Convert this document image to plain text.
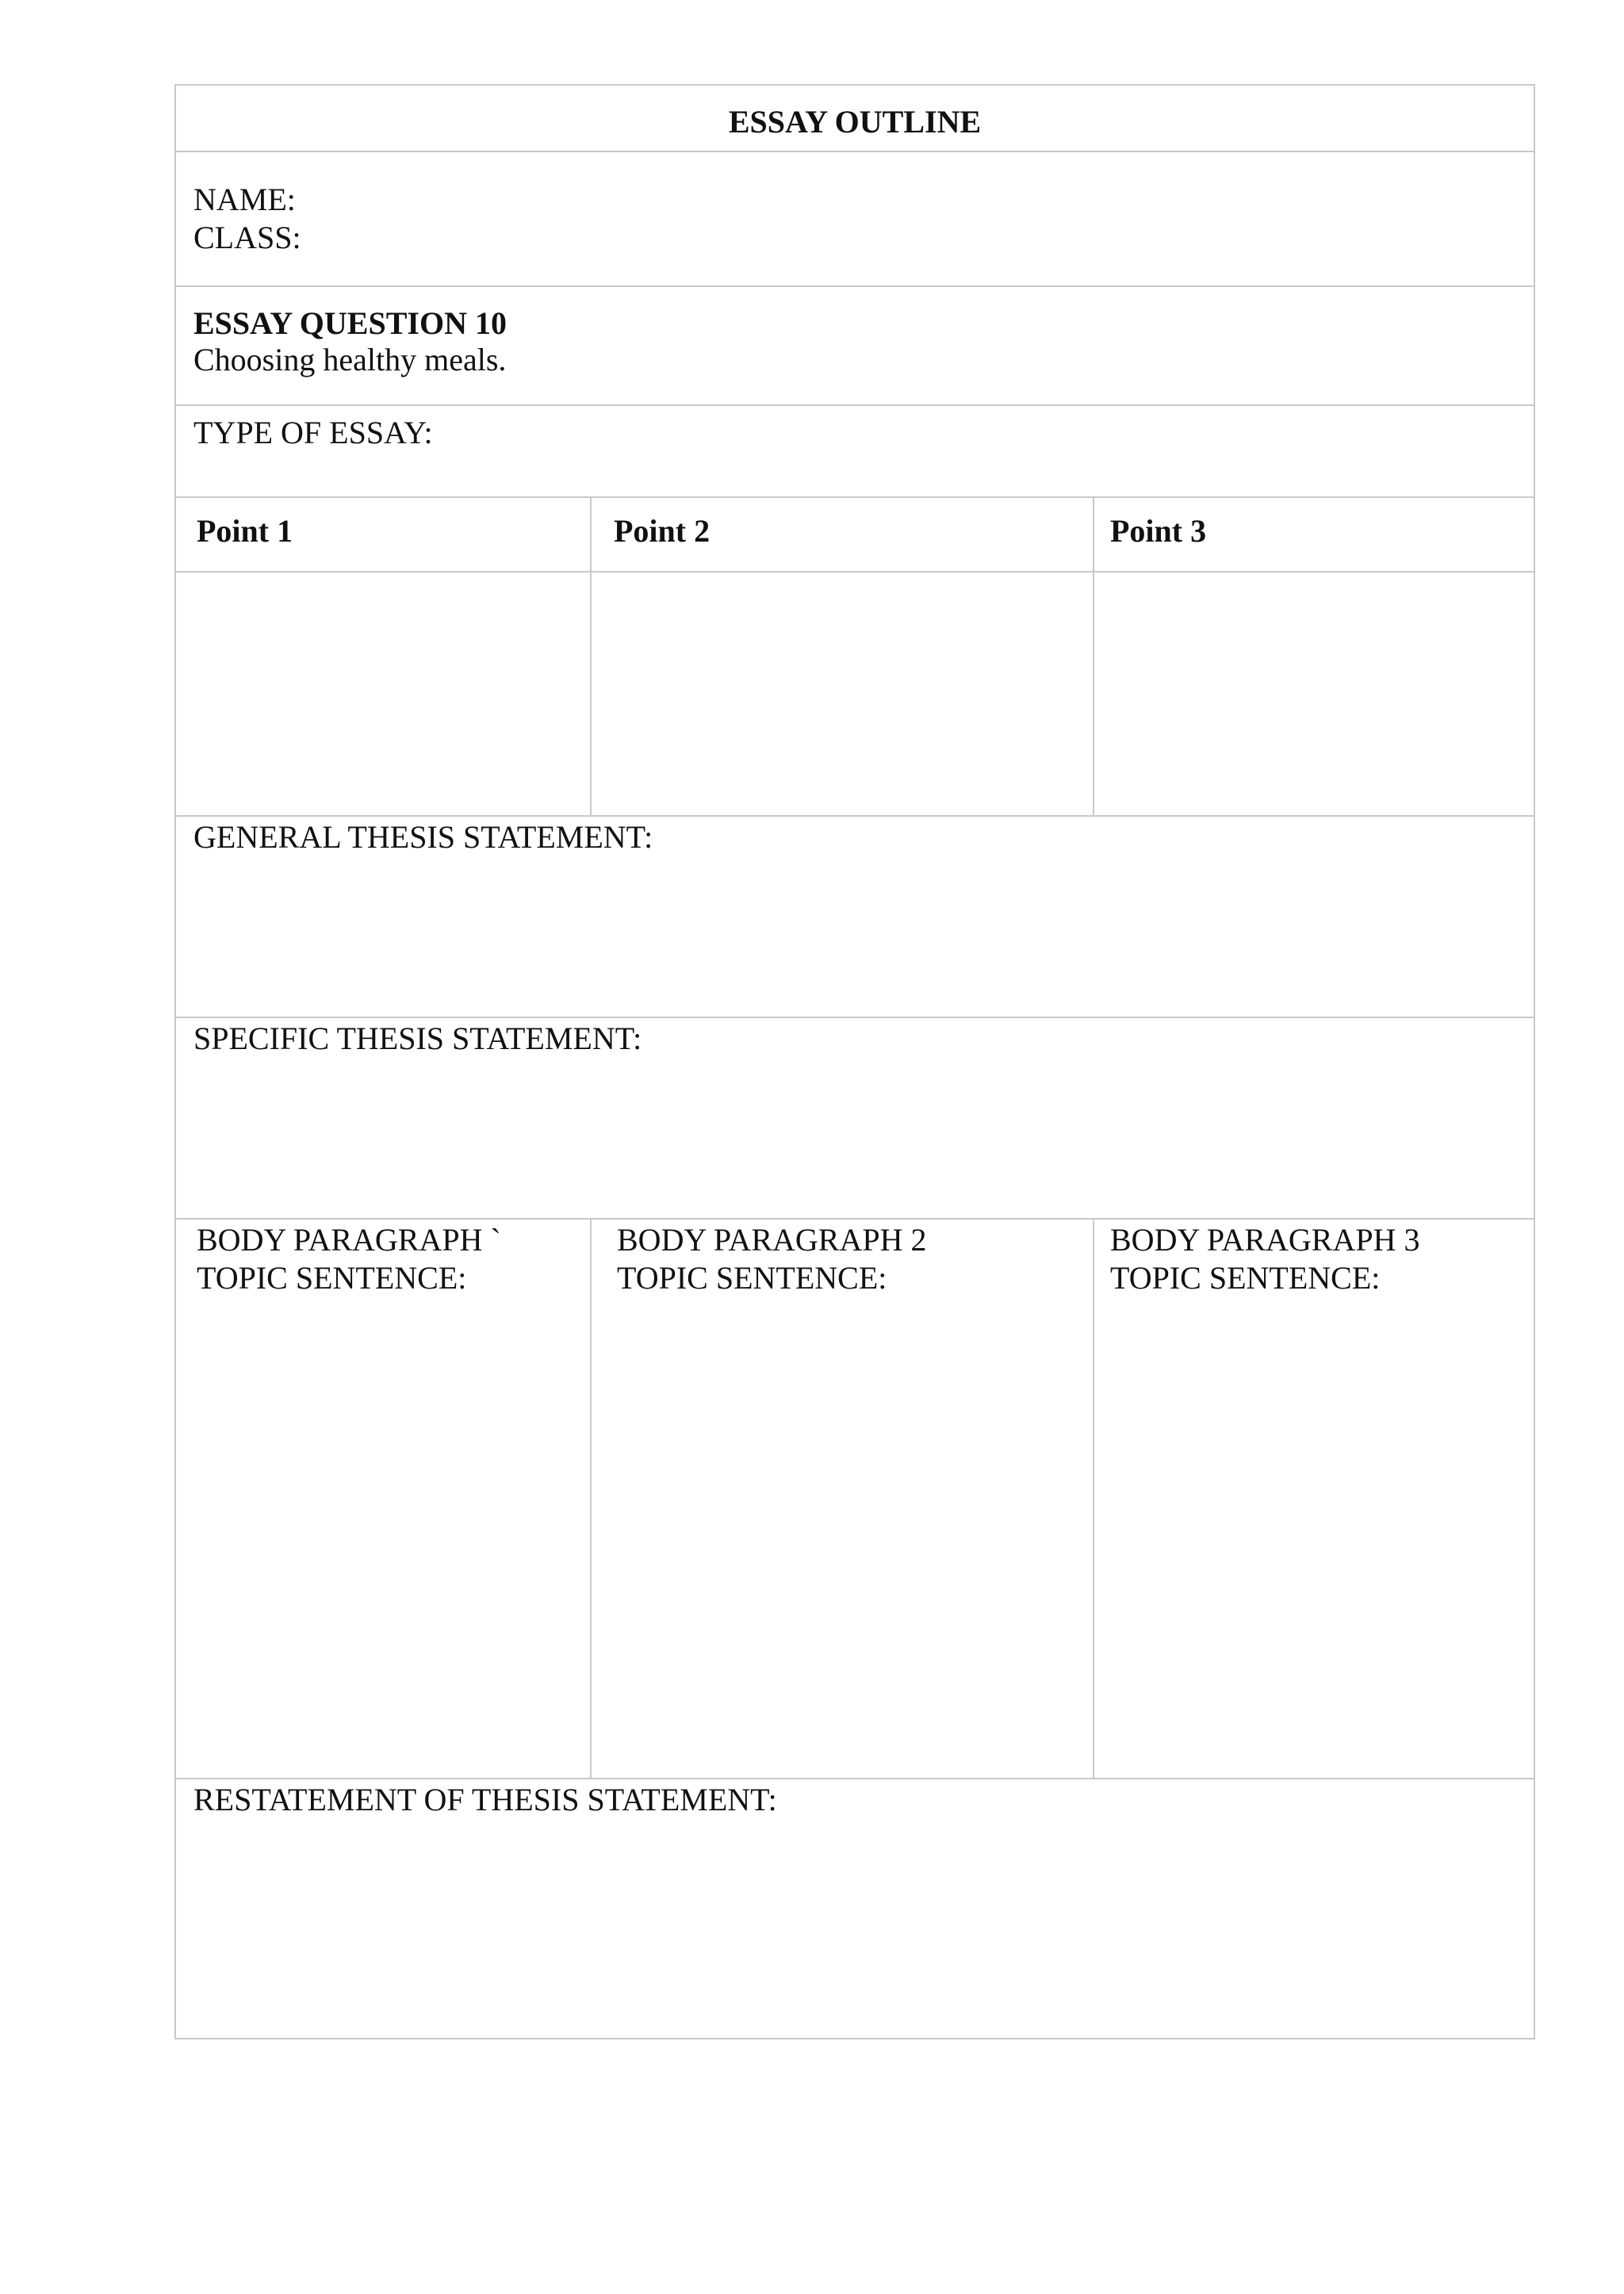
ESSAY OUTLINE
NAME:
CLASS:
ESSAY QUESTION 10
Choosing healthy meals.
TYPE OF ESSAY:
Point 1	Point 2	Point 3
GENERAL THESIS STATEMENT:
SPECIFIC THESIS STATEMENT:
BODY PARAGRAPH `
TOPIC SENTENCE:
BODY PARAGRAPH 2
TOPIC SENTENCE:
BODY PARAGRAPH 3
TOPIC SENTENCE:
RESTATEMENT OF THESIS STATEMENT:
